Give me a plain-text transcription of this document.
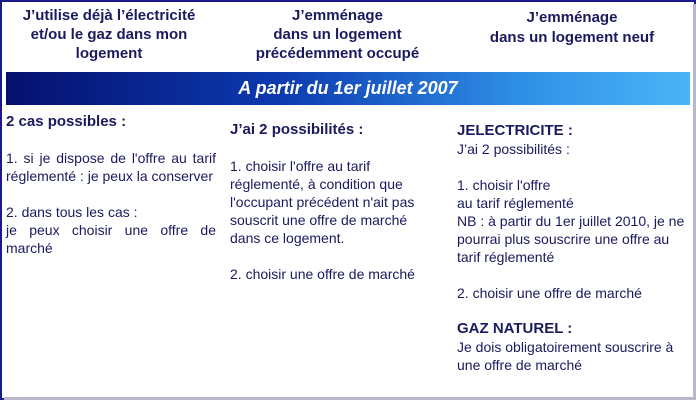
J’utilise déjà l’électricité
et/ou le gaz dans mon
logement
J’emménage
dans un logement
précédemment occupé
J’emménage
dans un logement neuf
A partir du 1er juillet 2007

2 cas possibles :

1. si je dispose de l'offre au tarif réglementé : je peux la conserver

2. dans tous les cas :

je peux choisir une offre de marché

J’ai 2 possibilités :

1. choisir l'offre au tarif réglementé, à condition que l'occupant précédent n'ait pas souscrit une offre de marché dans ce logement.

2. choisir une offre de marché

JELECTRICITE :

J’ai 2 possibilités :

1. choisir l'offre

au tarif réglementé

NB : à partir du 1er juillet 2010, je ne pourrai plus souscrire une offre au tarif réglementé

2. choisir une offre de marché

GAZ NATUREL :

Je dois obligatoirement souscrire à une offre de marché
